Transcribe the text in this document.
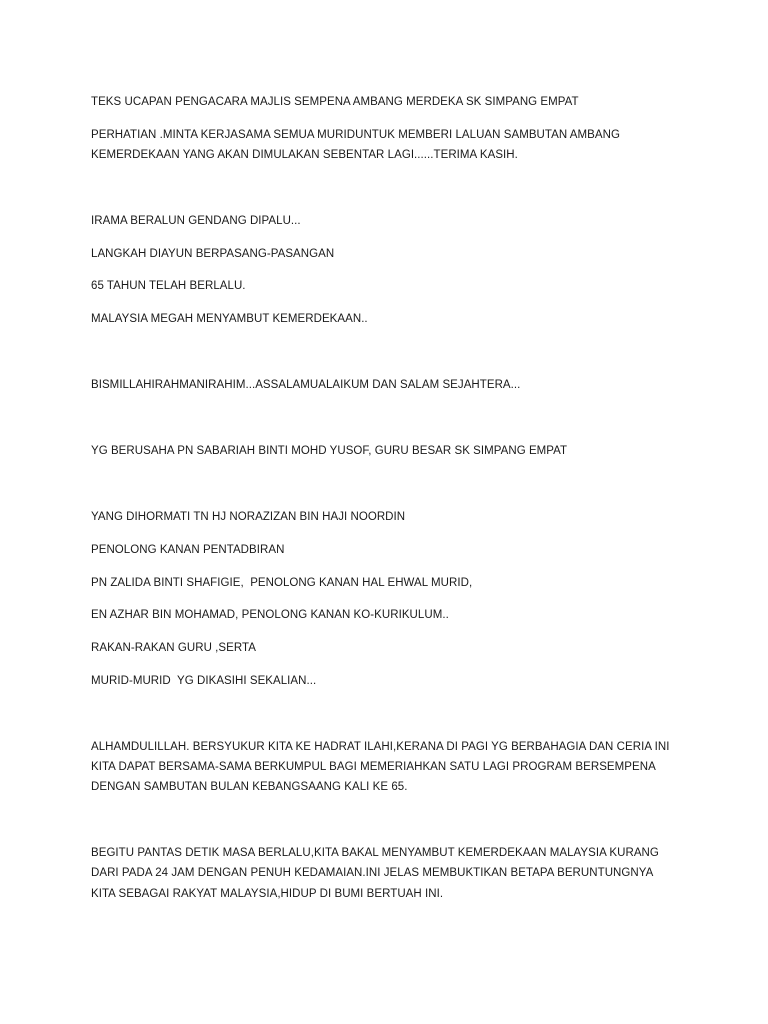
TEKS UCAPAN PENGACARA MAJLIS SEMPENA AMBANG MERDEKA SK SIMPANG EMPAT
PERHATIAN .MINTA KERJASAMA SEMUA MURIDUNTUK MEMBERI LALUAN SAMBUTAN AMBANG
KEMERDEKAAN YANG AKAN DIMULAKAN SEBENTAR LAGI......TERIMA KASIH.
IRAMA BERALUN GENDANG DIPALU...
LANGKAH DIAYUN BERPASANG-PASANGAN
65 TAHUN TELAH BERLALU.
MALAYSIA MEGAH MENYAMBUT KEMERDEKAAN..
BISMILLAHIRAHMANIRAHIM...ASSALAMUALAIKUM DAN SALAM SEJAHTERA...
YG BERUSAHA PN SABARIAH BINTI MOHD YUSOF, GURU BESAR SK SIMPANG EMPAT
YANG DIHORMATI TN HJ NORAZIZAN BIN HAJI NOORDIN
PENOLONG KANAN PENTADBIRAN
PN ZALIDA BINTI SHAFIGIE,  PENOLONG KANAN HAL EHWAL MURID,
EN AZHAR BIN MOHAMAD, PENOLONG KANAN KO-KURIKULUM..
RAKAN-RAKAN GURU ,SERTA
MURID-MURID  YG DIKASIHI SEKALIAN...
ALHAMDULILLAH. BERSYUKUR KITA KE HADRAT ILAHI,KERANA DI PAGI YG BERBAHAGIA DAN CERIA INI
KITA DAPAT BERSAMA-SAMA BERKUMPUL BAGI MEMERIAHKAN SATU LAGI PROGRAM BERSEMPENA
DENGAN SAMBUTAN BULAN KEBANGSAANG KALI KE 65.
BEGITU PANTAS DETIK MASA BERLALU,KITA BAKAL MENYAMBUT KEMERDEKAAN MALAYSIA KURANG
DARI PADA 24 JAM DENGAN PENUH KEDAMAIAN.INI JELAS MEMBUKTIKAN BETAPA BERUNTUNGNYA
KITA SEBAGAI RAKYAT MALAYSIA,HIDUP DI BUMI BERTUAH INI.
